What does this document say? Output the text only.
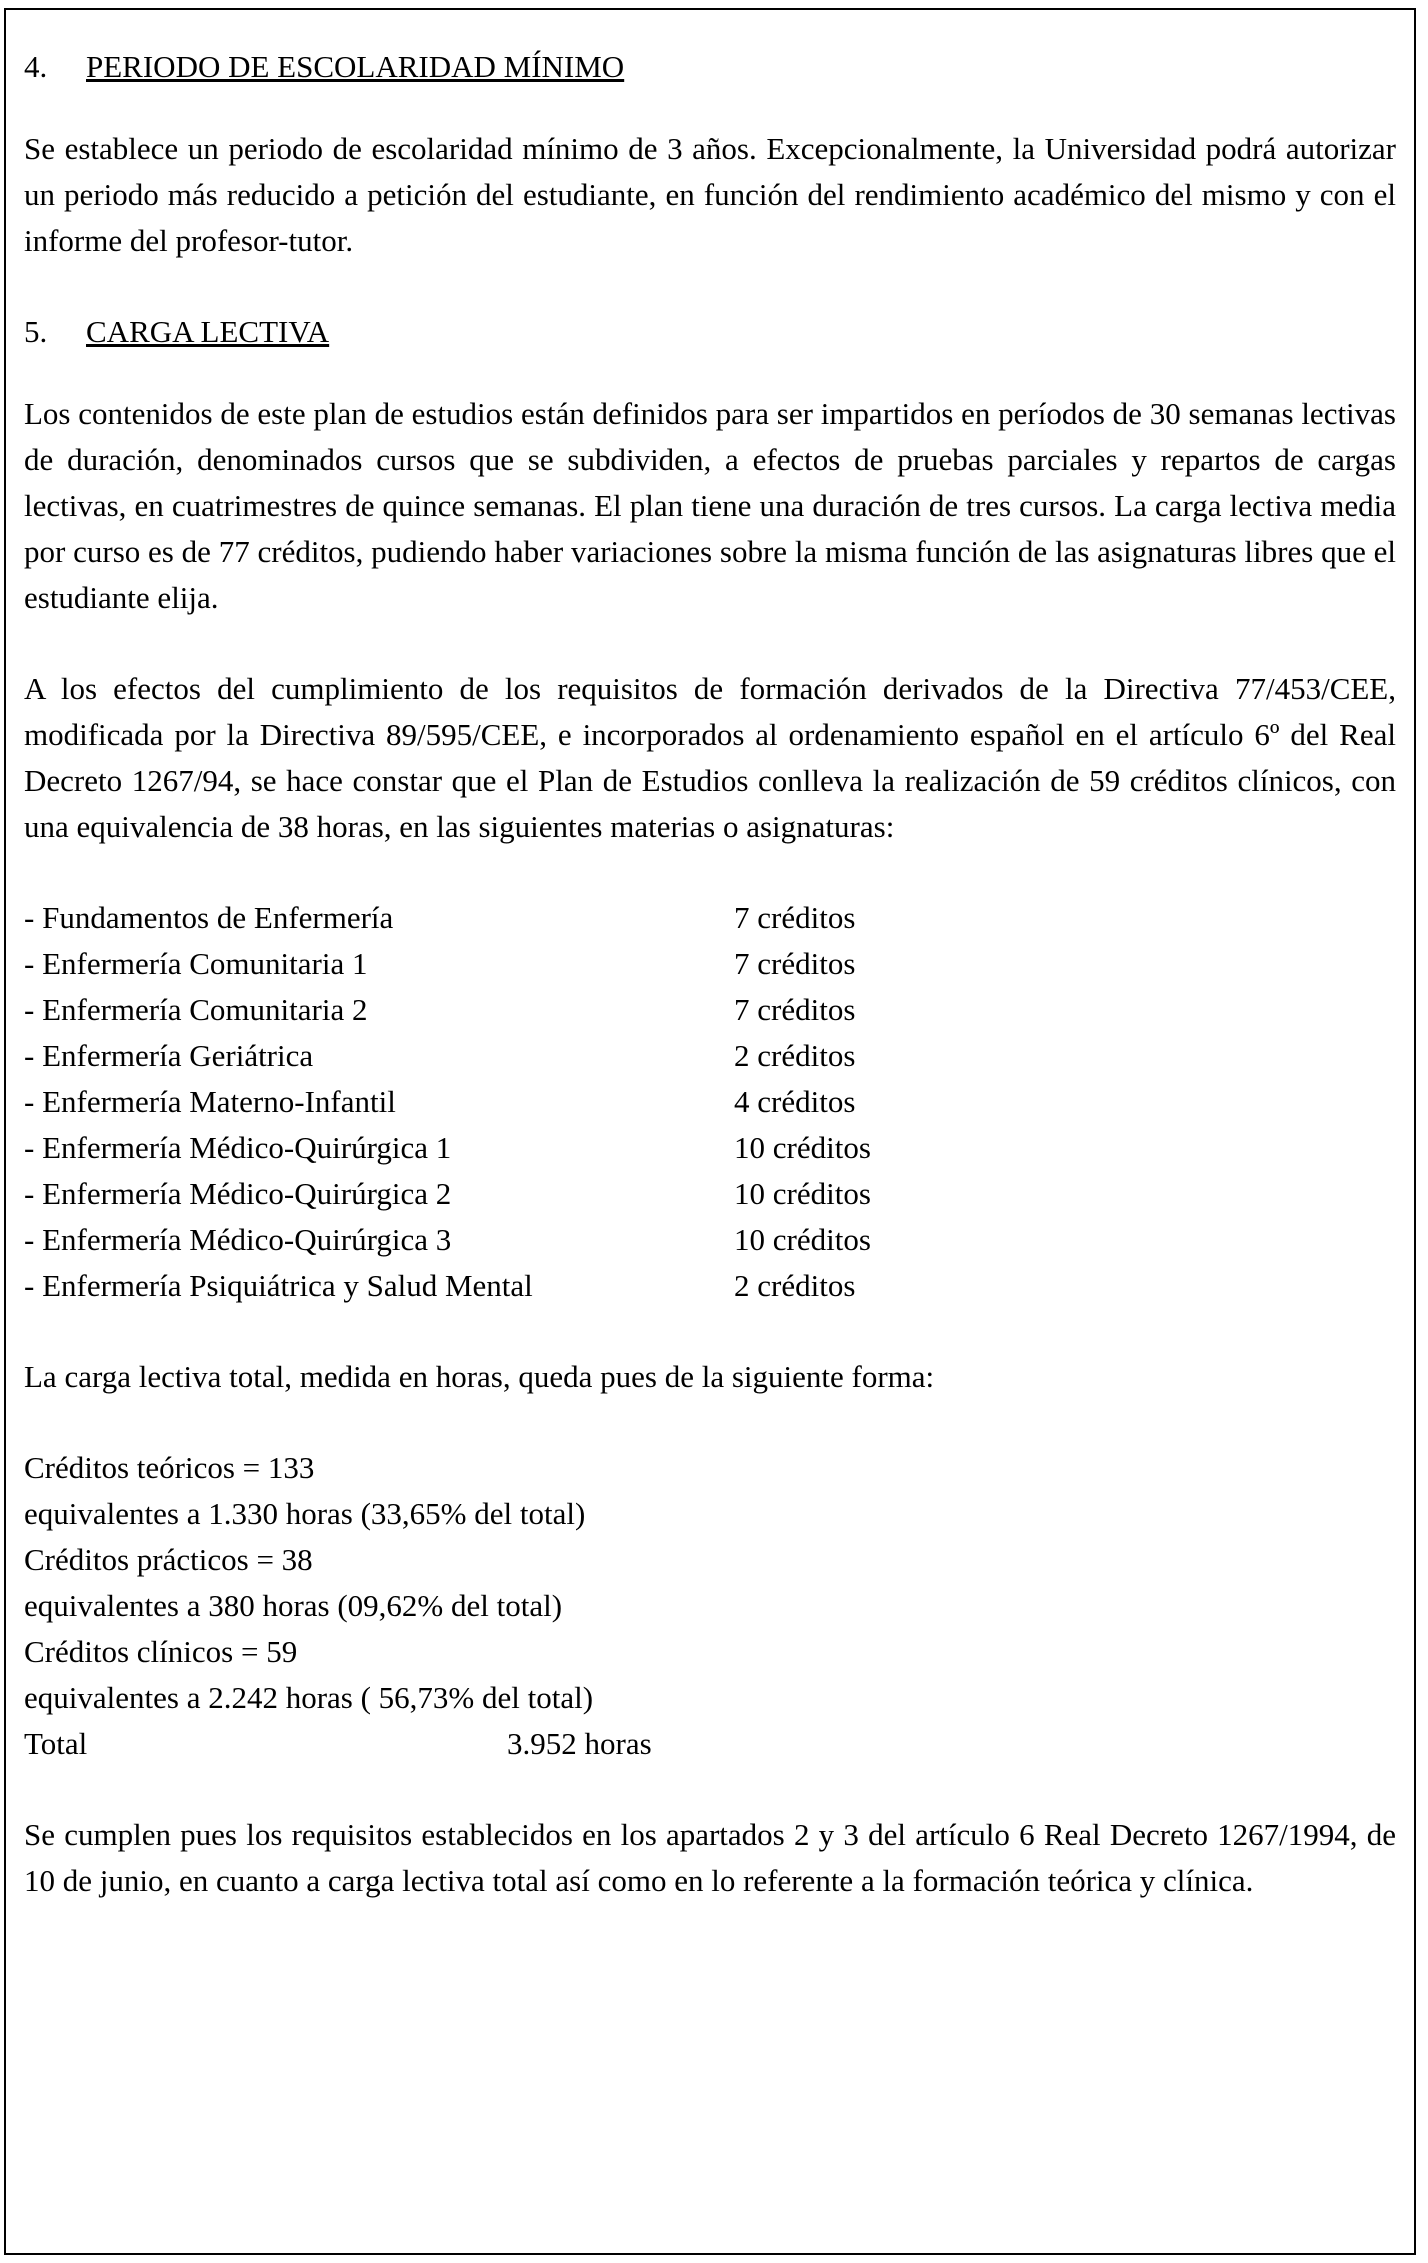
4. PERIODO DE ESCOLARIDAD MÍNIMO

Se establece un periodo de escolaridad mínimo de 3 años. Excepcionalmente, la Universidad podrá autorizar un periodo más reducido a petición del estudiante, en función del rendimiento académico del mismo y con el informe del profesor-tutor.

5. CARGA LECTIVA

Los contenidos de este plan de estudios están definidos para ser impartidos en períodos de 30 semanas lectivas de duración, denominados cursos que se subdividen, a efectos de pruebas parciales y repartos de cargas lectivas, en cuatrimestres de quince semanas. El plan tiene una duración de tres cursos. La carga lectiva media por curso es de 77 créditos, pudiendo haber variaciones sobre la misma función de las asignaturas libres que el estudiante elija.

A los efectos del cumplimiento de los requisitos de formación derivados de la Directiva 77/453/CEE, modificada por la Directiva 89/595/CEE, e incorporados al ordenamiento español en el artículo 6º del Real Decreto 1267/94, se hace constar que el Plan de Estudios conlleva la realización de 59 créditos clínicos, con una equivalencia de 38 horas, en las siguientes materias o asignaturas:

- Fundamentos de Enfermería	7 créditos
- Enfermería Comunitaria 1	7 créditos
- Enfermería Comunitaria 2	7 créditos
- Enfermería Geriátrica	2 créditos
- Enfermería Materno-Infantil	4 créditos
- Enfermería Médico-Quirúrgica 1	10 créditos
- Enfermería Médico-Quirúrgica 2	10 créditos
- Enfermería Médico-Quirúrgica 3	10 créditos
- Enfermería Psiquiátrica y Salud Mental	2 créditos

La carga lectiva total, medida en horas, queda pues de la siguiente forma:

Créditos teóricos = 133
equivalentes a 1.330 horas (33,65% del total)
Créditos prácticos = 38
equivalentes a 380 horas (09,62% del total)
Créditos clínicos = 59
equivalentes a 2.242 horas ( 56,73% del total)
Total	3.952 horas

Se cumplen pues los requisitos establecidos en los apartados 2 y 3 del artículo 6 Real Decreto 1267/1994, de 10 de junio, en cuanto a carga lectiva total así como en lo referente a la formación teórica y clínica.
